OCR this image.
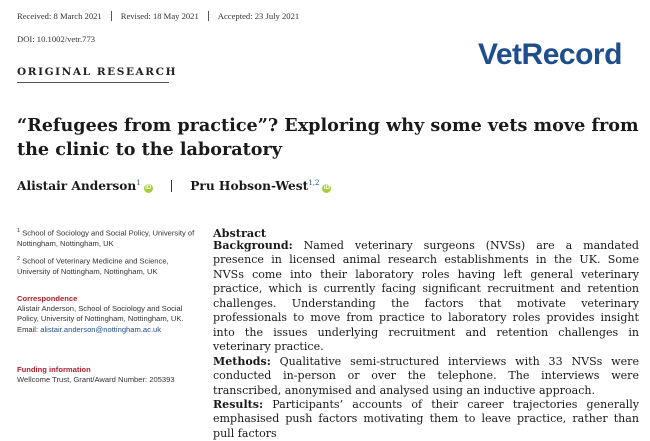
Received: 8 March 2021 Revised: 18 May 2021 Accepted: 23 July 2021
DOI: 10.1002/vetr.773	VetRecord
ORIGINAL RESEARCH
“Refugees from practice”? Exploring why some vets move from the clinic to the laboratory
Alistair Anderson$^1$iD	Pru Hobson-West$^{1,2}$iD
$^1$ School of Sociology and Social Policy, University of Nottingham, Nottingham, UK
$^2$ School of Veterinary Medicine and Science, University of Nottingham, Nottingham, UK
Correspondence
Alistair Anderson, School of Sociology and Social Policy, University of Nottingham, Nottingham, UK.
Email: alistair.anderson@nottingham.ac.uk
Funding information
Wellcome Trust, Grant/Award Number: 205393
Abstract

Background: Named veterinary surgeons (NVSs) are a mandated presence in licensed animal research establishments in the UK. Some NVSs come into their laboratory roles having left general veterinary practice, which is currently facing significant recruitment and retention challenges. Understanding the factors that motivate veterinary professionals to move from practice to laboratory roles provides insight into the issues underlying recruitment and retention challenges in veterinary practice.

Methods: Qualitative semi-structured interviews with 33 NVSs were conducted in-person or over the telephone. The interviews were transcribed, anonymised and analysed using an inductive approach.

Results: Participants’ accounts of their career trajectories generally emphasised push factors motivating them to leave practice, rather than pull factors
